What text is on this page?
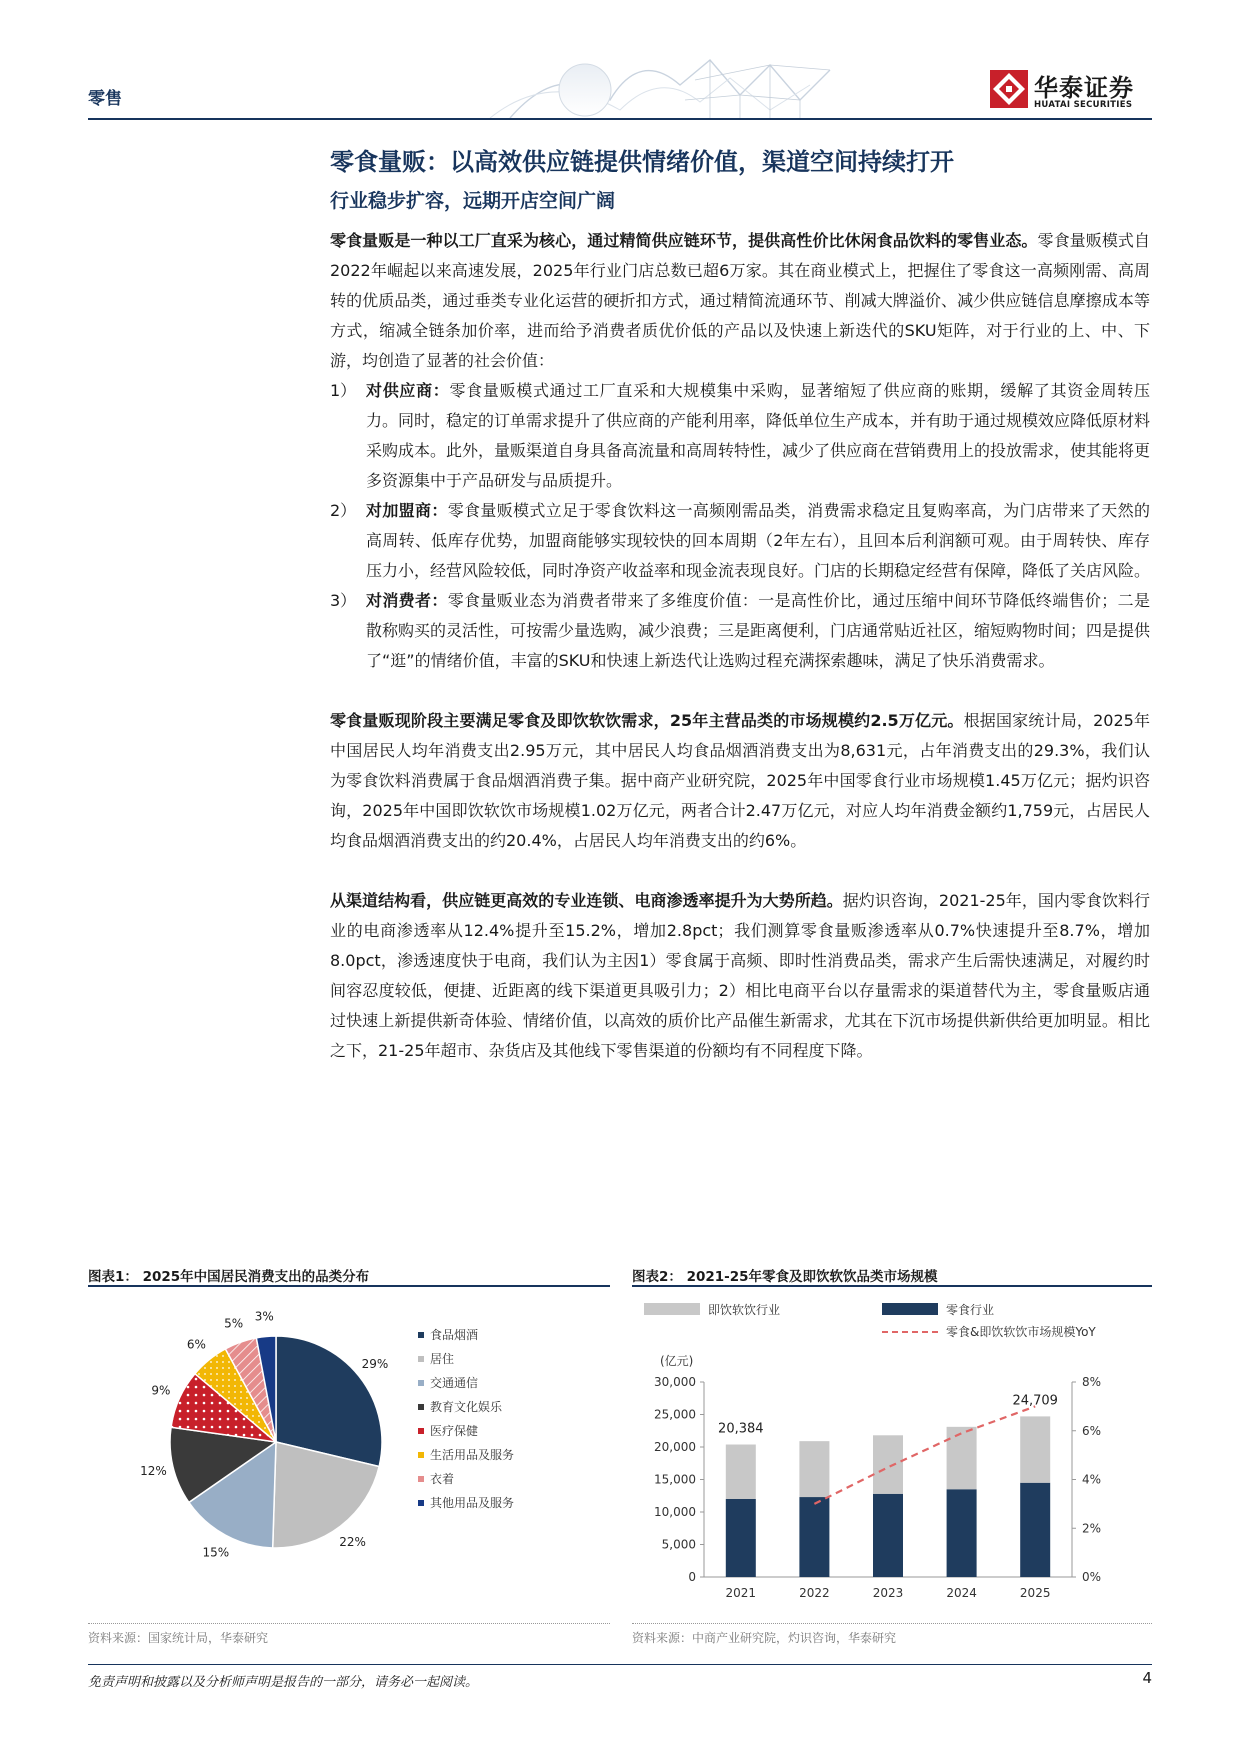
零售	华泰证券
HUATAI SECURITIES
零食量贩：以高效供应链提供情绪价值，渠道空间持续打开
行业稳步扩容，远期开店空间广阔

零食量贩是一种以工厂直采为核心，通过精简供应链环节，提供高性价比休闲食品饮料的零售业态。零食量贩模式自2022年崛起以来高速发展，2025年行业门店总数已超6万家。其在商业模式上，把握住了零食这一高频刚需、高周转的优质品类，通过垂类专业化运营的硬折扣方式，通过精简流通环节、削减大牌溢价、减少供应链信息摩擦成本等方式，缩减全链条加价率，进而给予消费者质优价低的产品以及快速上新迭代的SKU矩阵，对于行业的上、中、下游，均创造了显著的社会价值：

1） 对供应商：零食量贩模式通过工厂直采和大规模集中采购，显著缩短了供应商的账期，缓解了其资金周转压力。同时，稳定的订单需求提升了供应商的产能利用率，降低单位生产成本，并有助于通过规模效应降低原材料采购成本。此外，量贩渠道自身具备高流量和高周转特性，减少了供应商在营销费用上的投放需求，使其能将更多资源集中于产品研发与品质提升。
2） 对加盟商：零食量贩模式立足于零食饮料这一高频刚需品类，消费需求稳定且复购率高，为门店带来了天然的高周转、低库存优势，加盟商能够实现较快的回本周期（2年左右），且回本后利润额可观。由于周转快、库存压力小，经营风险较低，同时净资产收益率和现金流表现良好。门店的长期稳定经营有保障，降低了关店风险。
3） 对消费者：零食量贩业态为消费者带来了多维度价值：一是高性价比，通过压缩中间环节降低终端售价；二是散称购买的灵活性，可按需少量选购，减少浪费；三是距离便利，门店通常贴近社区，缩短购物时间；四是提供了“逛”的情绪价值，丰富的SKU和快速上新迭代让选购过程充满探索趣味，满足了快乐消费需求。

零食量贩现阶段主要满足零食及即饮软饮需求，25年主营品类的市场规模约2.5万亿元。根据国家统计局，2025年中国居民人均年消费支出2.95万元，其中居民人均食品烟酒消费支出为8,631元，占年消费支出的29.3%，我们认为零食饮料消费属于食品烟酒消费子集。据中商产业研究院，2025年中国零食行业市场规模1.45万亿元；据灼识咨询，2025年中国即饮软饮市场规模1.02万亿元，两者合计2.47万亿元，对应人均年消费金额约1,759元，占居民人均食品烟酒消费支出的约20.4%，占居民人均年消费支出的约6%。

从渠道结构看，供应链更高效的专业连锁、电商渗透率提升为大势所趋。据灼识咨询，2021-25年，国内零食饮料行业的电商渗透率从12.4%提升至15.2%，增加2.8pct；我们测算零食量贩渗透率从0.7%快速提升至8.7%，增加8.0pct，渗透速度快于电商，我们认为主因1）零食属于高频、即时性消费品类，需求产生后需快速满足，对履约时间容忍度较低，便捷、近距离的线下渠道更具吸引力；2）相比电商平台以存量需求的渠道替代为主，零食量贩店通过快速上新提供新奇体验、情绪价值，以高效的质价比产品催生新需求，尤其在下沉市场提供新供给更加明显。相比之下，21-25年超市、杂货店及其他线下零售渠道的份额均有不同程度下降。

图表1： 2025年中国居民消费支出的品类分布
29%
22%
15%
12%
9%
6%
5% 3%
食品烟酒
居住
交通通信
教育文化娱乐
医疗保健
生活用品及服务
衣着
其他用品及服务
资料来源：国家统计局，华泰研究
图表2： 2021-25年零食及即饮软饮品类市场规模
即饮软饮行业	零食行业
零食&即饮软饮市场规模YoY
(亿元)
0
5,000
10,000
15,000
20,000
25,000
30,000
0%
2%
4%
6%
8%
2021	2022	2023	2024	2025
20,384
24,709
资料来源：中商产业研究院，灼识咨询，华泰研究
免责声明和披露以及分析师声明是报告的一部分，请务必一起阅读。	4
